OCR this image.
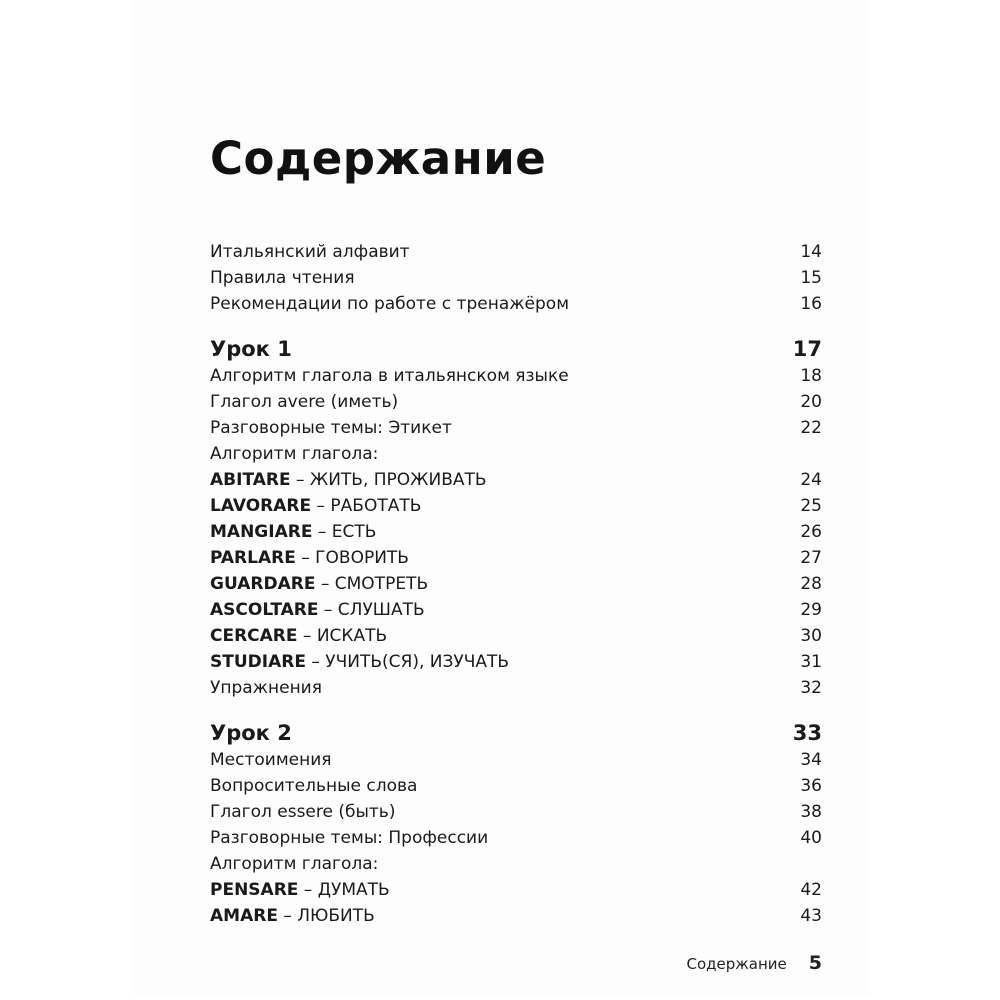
Содержание
Итальянский алфавит	14
Правила чтения	15
Рекомендации по работе с тренажёром	16
Урок 1	17
Алгоритм глагола в итальянском языке	18
Глагол avere (иметь)	20
Разговорные темы: Этикет	22
Алгоритм глагола:
ABITARE – ЖИТЬ, ПРОЖИВАТЬ	24
LAVORARE – РАБОТАТЬ	25
MANGIARE – ЕСТЬ	26
PARLARE – ГОВОРИТЬ	27
GUARDARE – СМОТРЕТЬ	28
ASCOLTARE – СЛУШАТЬ	29
CERCARE – ИСКАТЬ	30
STUDIARE – УЧИТЬ(СЯ), ИЗУЧАТЬ	31
Упражнения	32
Урок 2	33
Местоимения	34
Вопросительные слова	36
Глагол essere (быть)	38
Разговорные темы: Профессии	40
Алгоритм глагола:
PENSARE – ДУМАТЬ	42
AMARE – ЛЮБИТЬ	43
Содержание 5
